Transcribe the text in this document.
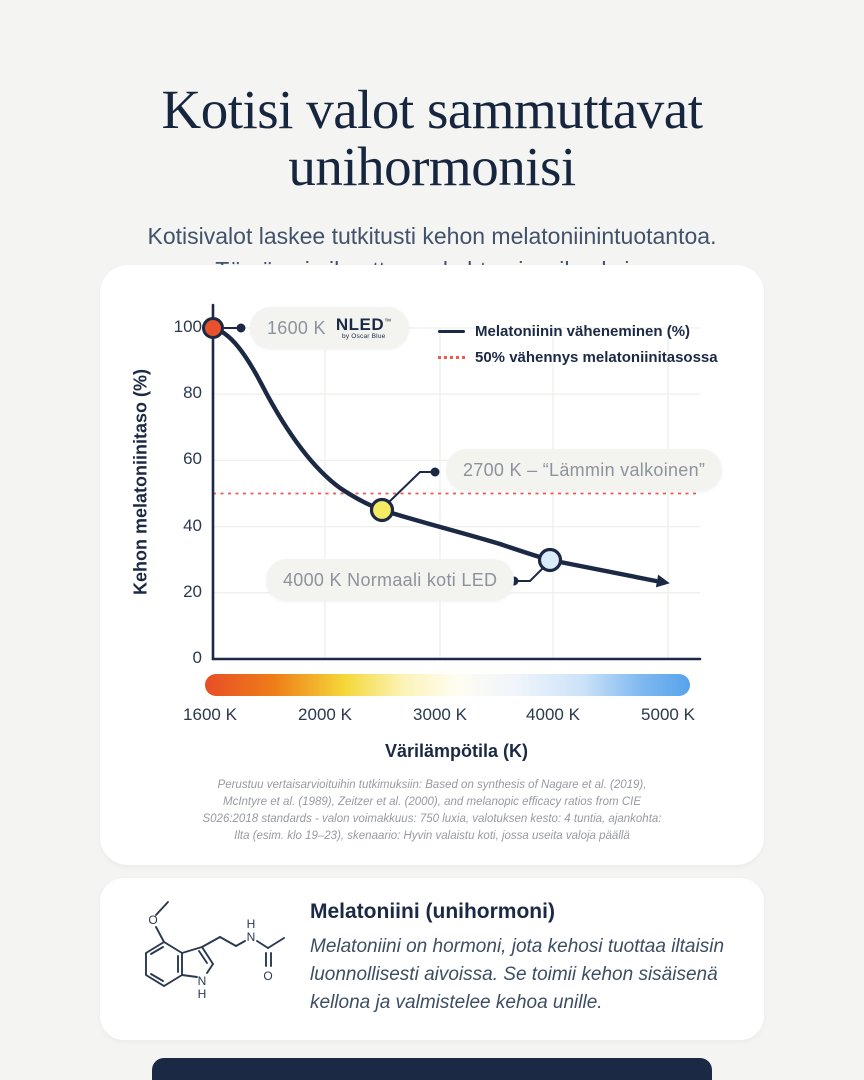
Kotisi valot sammuttavat
unihormonisi

Kotisivalot laskee tutkitusti kehon melatoniinintuotantoa.

Kehon melatoniinitaso (%)
100
80
60
40
20
0
Melatoniinin väheneminen (%)
50% vähennys melatoniinitasossa
1600 K NLED™
by Oscar Blue
2700 K – “Lämmin valkoinen”
4000 K Normaali koti LED
1600 K	2000 K	3000 K	4000 K	5000 K
Värilämpötila (K)
Perustuu vertaisarvioituihin tutkimuksiin: Based on synthesis of Nagare et al. (2019),
McIntyre et al. (1989), Zeitzer et al. (2000), and melanopic efficacy ratios from CIE
S026:2018 standards - valon voimakkuus: 750 luxia, valotuksen kesto: 4 tuntia, ajankohta:
Ilta (esim. klo 19–23), skenaario: Hyvin valaistu koti, jossa useita valoja päällä
O	H
N
O
N
H
Melatoniini (unihormoni)

Melatoniini on hormoni, jota kehosi tuottaa iltaisin luonnollisesti aivoissa. Se toimii kehon sisäisenä kellona ja valmistelee kehoa unille.
